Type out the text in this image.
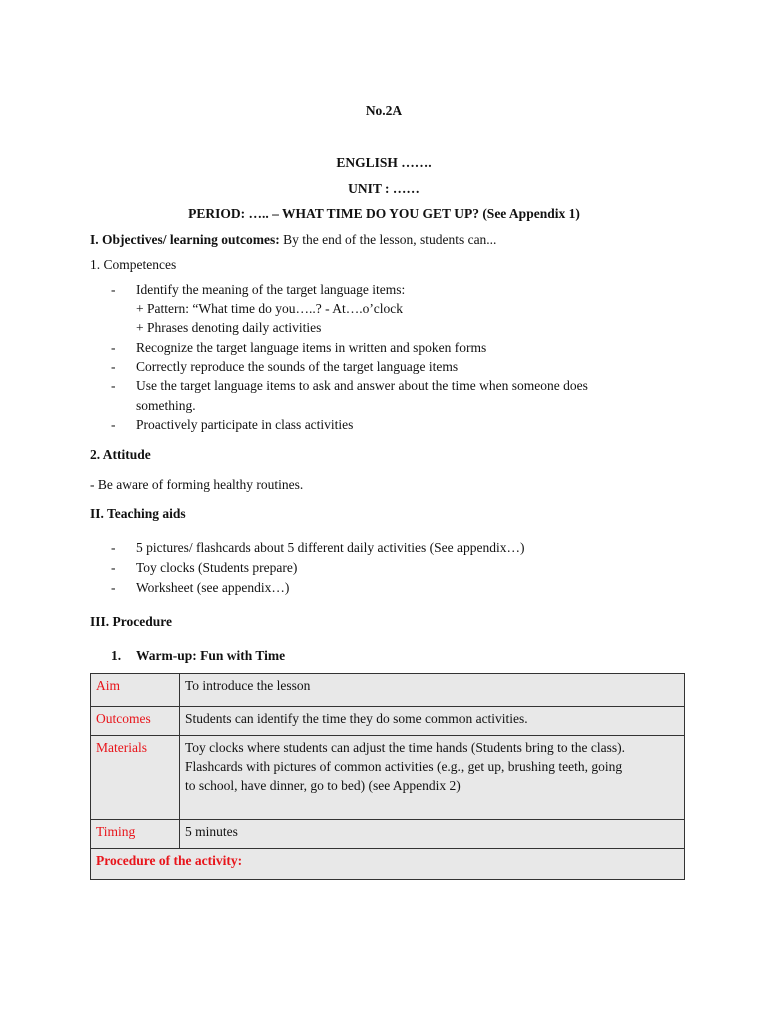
No.2A
ENGLISH …….
UNIT : ……
PERIOD: ….. – WHAT TIME DO YOU GET UP? (See Appendix 1)
I. Objectives/ learning outcomes: By the end of the lesson, students can...
1. Competences
- Identify the meaning of the target language items:
+ Pattern: “What time do you…..? - At….o’clock
+ Phrases denoting daily activities
- Recognize the target language items in written and spoken forms
- Correctly reproduce the sounds of the target language items
- Use the target language items to ask and answer about the time when someone does
something.
- Proactively participate in class activities
2. Attitude
- Be aware of forming healthy routines.
II. Teaching aids
- 5 pictures/ flashcards about 5 different daily activities (See appendix…)
- Toy clocks (Students prepare)
- Worksheet (see appendix…)
III. Procedure
1. Warm-up: Fun with Time
Aim	To introduce the lesson
Outcomes	Students can identify the time they do some common activities.
Materials	Toy clocks where students can adjust the time hands (Students bring to the class).
Flashcards with pictures of common activities (e.g., get up, brushing teeth, going
to school, have dinner, go to bed) (see Appendix 2)

Timing	5 minutes
Procedure of the activity:	
